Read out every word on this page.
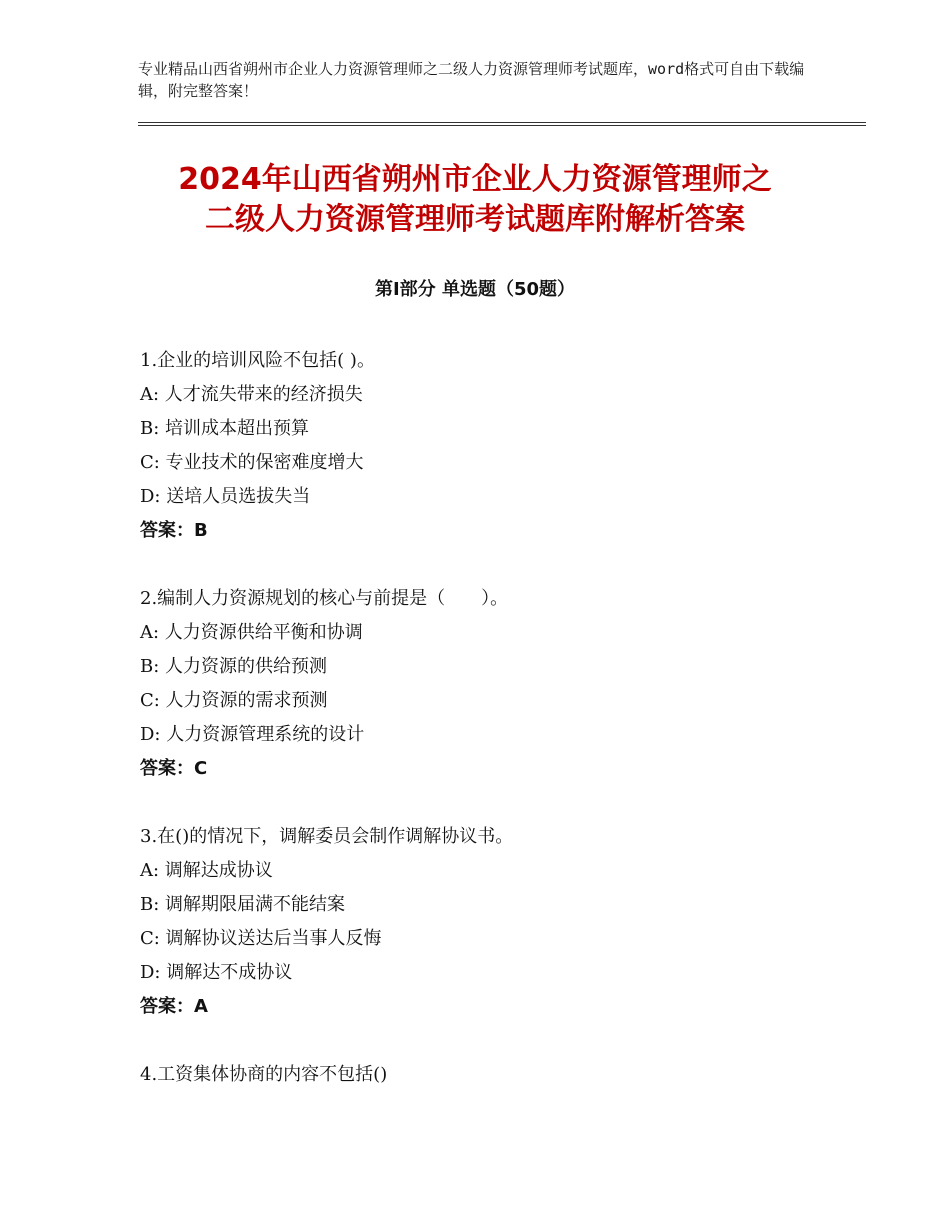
专业精品山西省朔州市企业人力资源管理师之二级人力资源管理师考试题库，word格式可自由下载编辑，附完整答案！
2024年山西省朔州市企业人力资源管理师之
二级人力资源管理师考试题库附解析答案
第Ⅰ部分 单选题（50题）
1.企业的培训风险不包括( )。
A: 人才流失带来的经济损失
B: 培训成本超出预算
C: 专业技术的保密难度增大
D: 送培人员选拔失当
答案：B
2.编制人力资源规划的核心与前提是（　　）。
A: 人力资源供给平衡和协调
B: 人力资源的供给预测
C: 人力资源的需求预测
D: 人力资源管理系统的设计
答案：C
3.在()的情况下，调解委员会制作调解协议书。
A: 调解达成协议
B: 调解期限届满不能结案
C: 调解协议送达后当事人反悔
D: 调解达不成协议
答案：A
4.工资集体协商的内容不包括()
